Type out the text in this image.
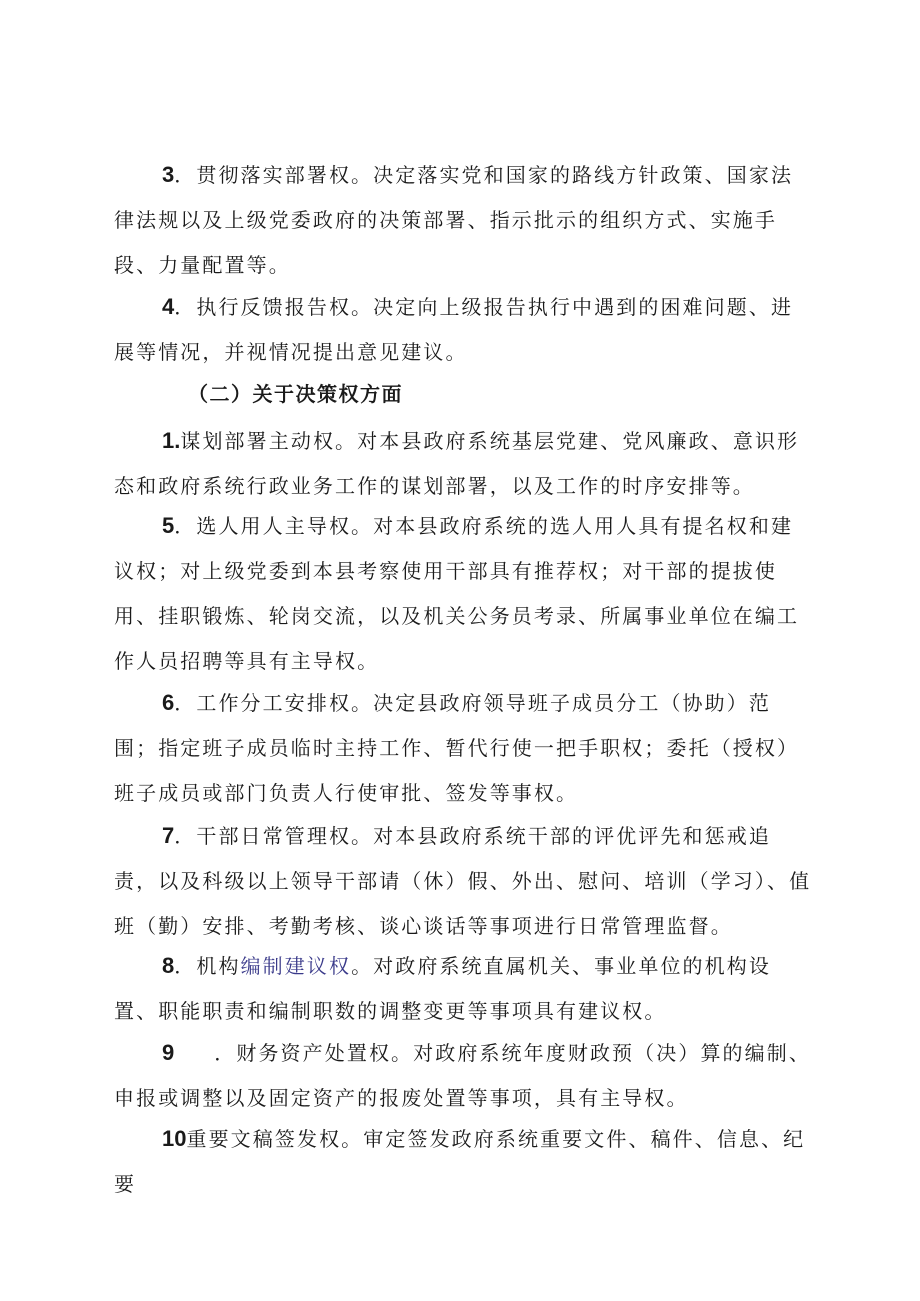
3．贯彻落实部署权。决定落实党和国家的路线方针政策、国家法律法规以及上级党委政府的决策部署、指示批示的组织方式、实施手段、力量配置等。

4．执行反馈报告权。决定向上级报告执行中遇到的困难问题、进展等情况，并视情况提出意见建议。

（二）关于决策权方面

1.谋划部署主动权。对本县政府系统基层党建、党风廉政、意识形态和政府系统行政业务工作的谋划部署，以及工作的时序安排等。

5．选人用人主导权。对本县政府系统的选人用人具有提名权和建议权；对上级党委到本县考察使用干部具有推荐权；对干部的提拔使用、挂职锻炼、轮岗交流，以及机关公务员考录、所属事业单位在编工作人员招聘等具有主导权。

6．工作分工安排权。决定县政府领导班子成员分工（协助）范围；指定班子成员临时主持工作、暂代行使一把手职权；委托（授权）班子成员或部门负责人行使审批、签发等事权。

7．干部日常管理权。对本县政府系统干部的评优评先和惩戒追责，以及科级以上领导干部请（休）假、外出、慰问、培训（学习）、值班（勤）安排、考勤考核、谈心谈话等事项进行日常管理监督。

8．机构编制建议权。对政府系统直属机关、事业单位的机构设置、职能职责和编制职数的调整变更等事项具有建议权。

9 ．财务资产处置权。对政府系统年度财政预（决）算的编制、申报或调整以及固定资产的报废处置等事项，具有主导权。

10重要文稿签发权。审定签发政府系统重要文件、稿件、信息、纪要
